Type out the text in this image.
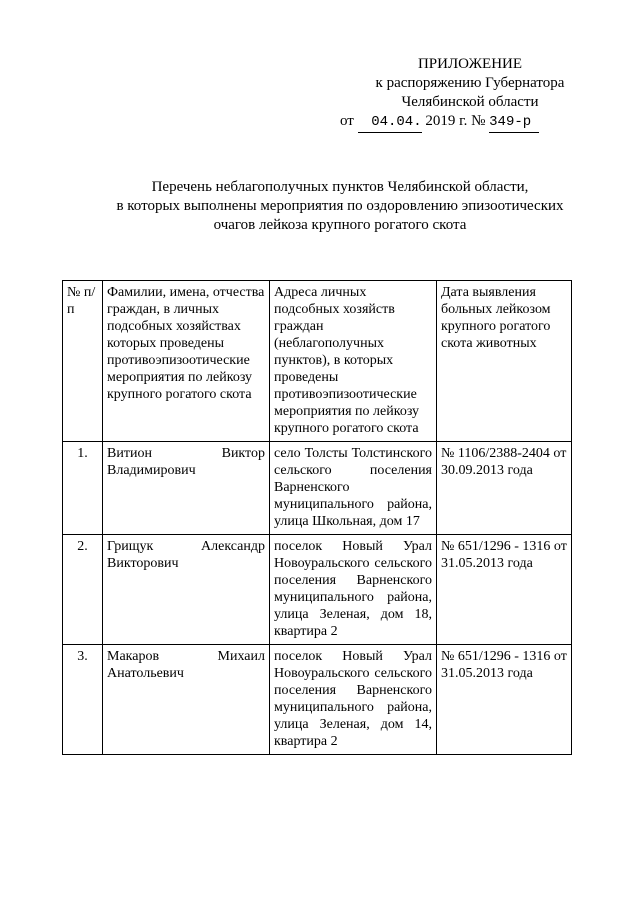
ПРИЛОЖЕНИЕ
к распоряжению Губернатора
Челябинской области
от 04.04. 2019 г. № 349-р
Перечень неблагополучных пунктов Челябинской области,
в которых выполнены мероприятия по оздоровлению эпизоотических
очагов лейкоза крупного рогатого скота
№ п/п	Фамилии, имена, отчества граждан, в личных подсобных хозяйствах которых проведены противоэпизоотические мероприятия по лейкозу крупного рогатого скота	Адреса личных подсобных хозяйств граждан (неблагополучных пунктов), в которых проведены противоэпизоотические мероприятия по лейкозу крупного рогатого скота	Дата выявления больных лейкозом крупного рогатого скота животных
1.	Витион Виктор Владимирович	село Толсты Толстинского сельского поселения Варненского муниципального района, улица Школьная, дом 17	№ 1106/2388-2404 от 30.09.2013 года
2.	Грищук Александр Викторович	поселок Новый Урал Новоуральского сельского поселения Варненского муниципального района, улица Зеленая, дом 18, квартира 2	№ 651/1296 - 1316 от 31.05.2013 года
3.	Макаров Михаил Анатольевич	поселок Новый Урал Новоуральского сельского поселения Варненского муниципального района, улица Зеленая, дом 14, квартира 2	№ 651/1296 - 1316 от 31.05.2013 года
